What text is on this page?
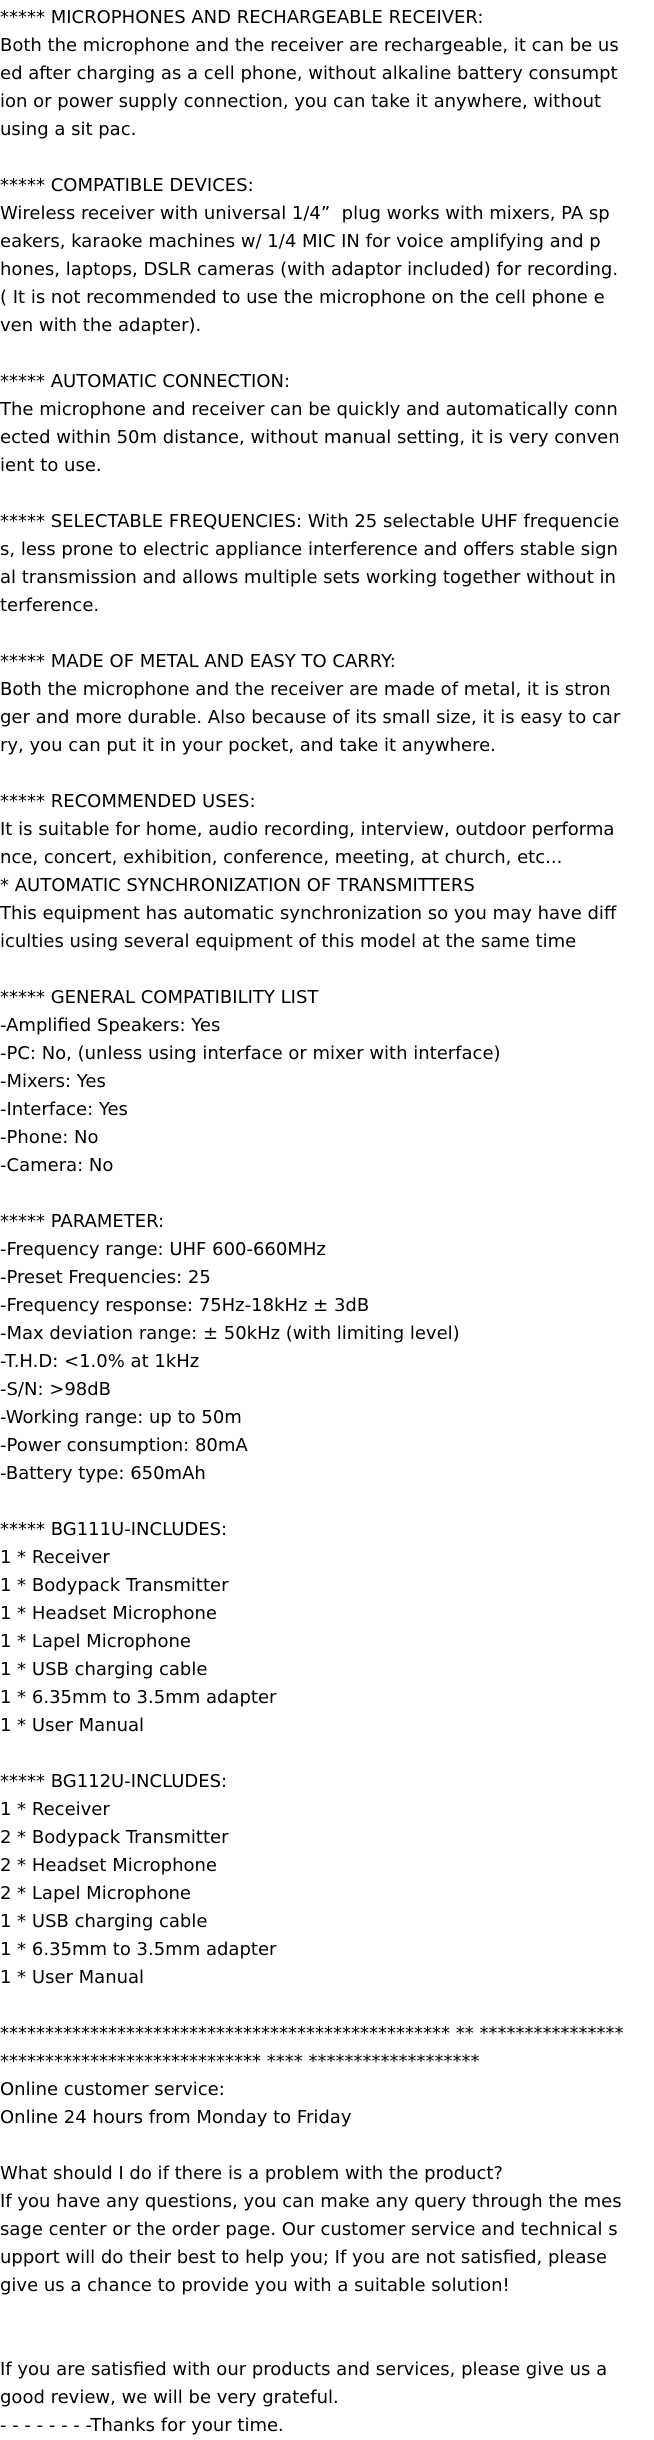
***** MICROPHONES AND RECHARGEABLE RECEIVER:
Both the microphone and the receiver are rechargeable, it can be us
ed after charging as a cell phone, without alkaline battery consumpt
ion or power supply connection, you can take it anywhere, without
using a sit pac.
***** COMPATIBLE DEVICES:
Wireless receiver with universal 1/4”  plug works with mixers, PA sp
eakers, karaoke machines w/ 1/4 MIC IN for voice amplifying and p
hones, laptops, DSLR cameras (with adaptor included) for recording.
( It is not recommended to use the microphone on the cell phone e
ven with the adapter).
***** AUTOMATIC CONNECTION:
The microphone and receiver can be quickly and automatically conn
ected within 50m distance, without manual setting, it is very conven
ient to use.
***** SELECTABLE FREQUENCIES: With 25 selectable UHF frequencie
s, less prone to electric appliance interference and offers stable sign
al transmission and allows multiple sets working together without in
terference.
***** MADE OF METAL AND EASY TO CARRY:
Both the microphone and the receiver are made of metal, it is stron
ger and more durable. Also because of its small size, it is easy to car
ry, you can put it in your pocket, and take it anywhere.
***** RECOMMENDED USES:
It is suitable for home, audio recording, interview, outdoor performa
nce, concert, exhibition, conference, meeting, at church, etc...
* AUTOMATIC SYNCHRONIZATION OF TRANSMITTERS
This equipment has automatic synchronization so you may have diff
iculties using several equipment of this model at the same time
***** GENERAL COMPATIBILITY LIST
-Amplified Speakers: Yes
-PC: No, (unless using interface or mixer with interface)
-Mixers: Yes
-Interface: Yes
-Phone: No
-Camera: No
***** PARAMETER:
-Frequency range: UHF 600-660MHz
-Preset Frequencies: 25
-Frequency response: 75Hz-18kHz ± 3dB
-Max deviation range: ± 50kHz (with limiting level)
-T.H.D: <1.0% at 1kHz
-S/N: >98dB
-Working range: up to 50m
-Power consumption: 80mA
-Battery type: 650mAh
***** BG111U-INCLUDES:
1 * Receiver
1 * Bodypack Transmitter
1 * Headset Microphone
1 * Lapel Microphone
1 * USB charging cable
1 * 6.35mm to 3.5mm adapter
1 * User Manual
***** BG112U-INCLUDES:
1 * Receiver
2 * Bodypack Transmitter
2 * Headset Microphone
2 * Lapel Microphone
1 * USB charging cable
1 * 6.35mm to 3.5mm adapter
1 * User Manual
************************************************** ** ****************
***************************** **** *******************
Online customer service:
Online 24 hours from Monday to Friday
What should I do if there is a problem with the product?
If you have any questions, you can make any query through the mes
sage center or the order page. Our customer service and technical s
upport will do their best to help you; If you are not satisfied, please
give us a chance to provide you with a suitable solution!
If you are satisfied with our products and services, please give us a
good review, we will be very grateful.
- - - - - - - -Thanks for your time.
